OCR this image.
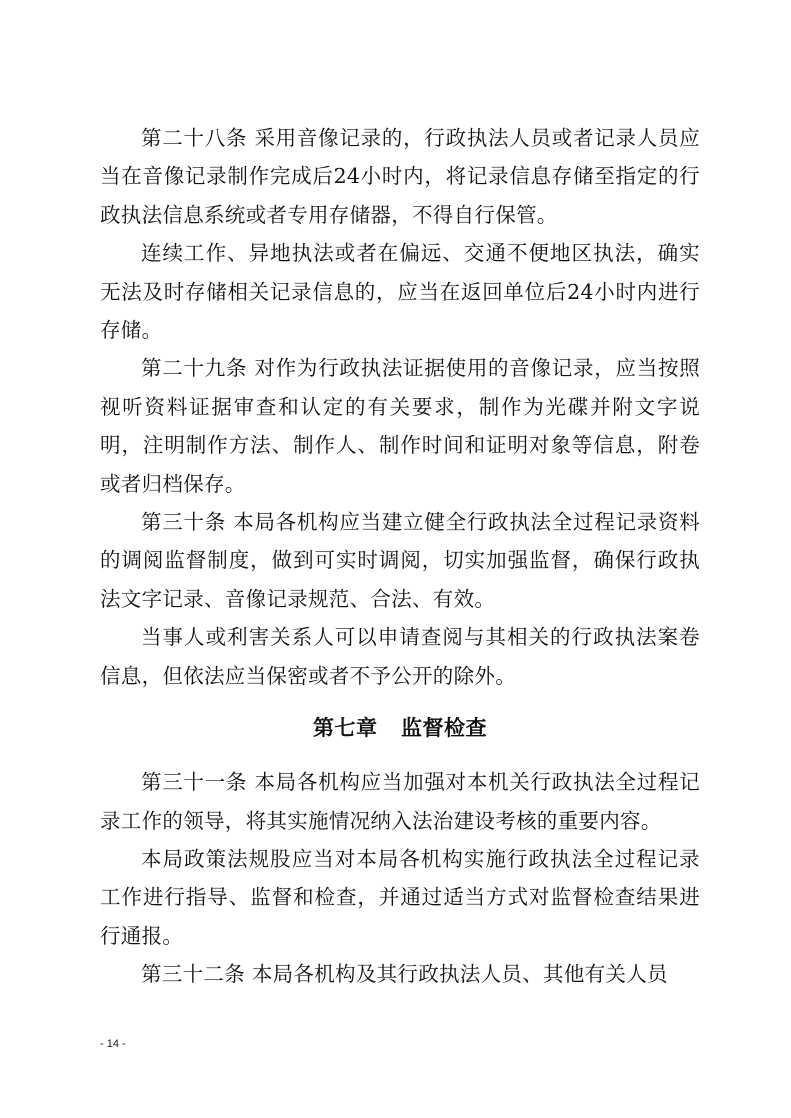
第二十八条 采用音像记录的，行政执法人员或者记录人员应当在音像记录制作完成后24小时内，将记录信息存储至指定的行政执法信息系统或者专用存储器，不得自行保管。

连续工作、异地执法或者在偏远、交通不便地区执法，确实无法及时存储相关记录信息的，应当在返回单位后24小时内进行存储。

第二十九条 对作为行政执法证据使用的音像记录，应当按照视听资料证据审查和认定的有关要求，制作为光碟并附文字说明，注明制作方法、制作人、制作时间和证明对象等信息，附卷或者归档保存。

第三十条 本局各机构应当建立健全行政执法全过程记录资料的调阅监督制度，做到可实时调阅，切实加强监督，确保行政执法文字记录、音像记录规范、合法、有效。

当事人或利害关系人可以申请查阅与其相关的行政执法案卷信息，但依法应当保密或者不予公开的除外。

第七章   监督检查

第三十一条 本局各机构应当加强对本机关行政执法全过程记录工作的领导，将其实施情况纳入法治建设考核的重要内容。

本局政策法规股应当对本局各机构实施行政执法全过程记录工作进行指导、监督和检查，并通过适当方式对监督检查结果进行通报。

第三十二条 本局各机构及其行政执法人员、其他有关人员

- 14 -
